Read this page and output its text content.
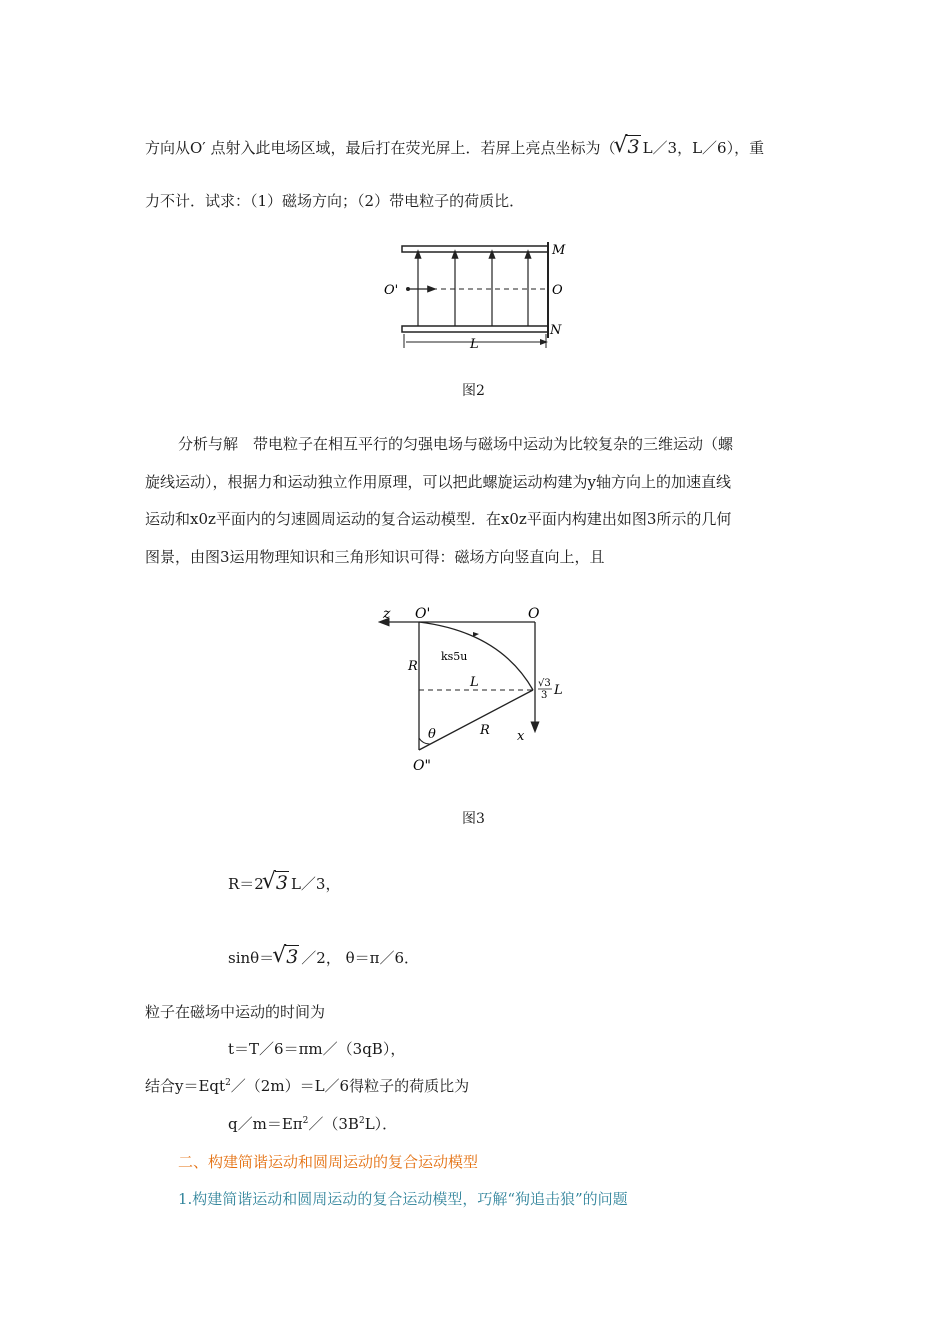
方向从O′ 点射入此电场区域，最后打在荧光屏上．若屏上亮点坐标为（ √ 3 L／3，L／6），重
力不计．试求：（1）磁场方向；（2）带电粒子的荷质比．
M
O
N
O'
L
图2
分析与解　带电粒子在相互平行的匀强电场与磁场中运动为比较复杂的三维运动（螺
旋线运动），根据力和运动独立作用原理，可以把此螺旋运动构建为y轴方向上的加速直线
运动和x0z平面内的匀速圆周运动的复合运动模型．在x0z平面内构建出如图3所示的几何
图景，由图3运用物理知识和三角形知识可得：磁场方向竖直向上，且
z O'	O
ks5u
R
L	√3
3 L
R
θ	x
O"
图3
R＝2 √ 3 L／3，
sinθ＝ √ 3 ／2， θ＝π／6．
粒子在磁场中运动的时间为
t＝T／6＝πm／（3qB），
结合y＝Eqt$^2$／（2m）＝L／6得粒子的荷质比为
$q/m=E\pi^2/(3B^2L)$．
二、构建简谐运动和圆周运动的复合运动模型
1.构建简谐运动和圆周运动的复合运动模型，巧解“狗追击狼”的问题
